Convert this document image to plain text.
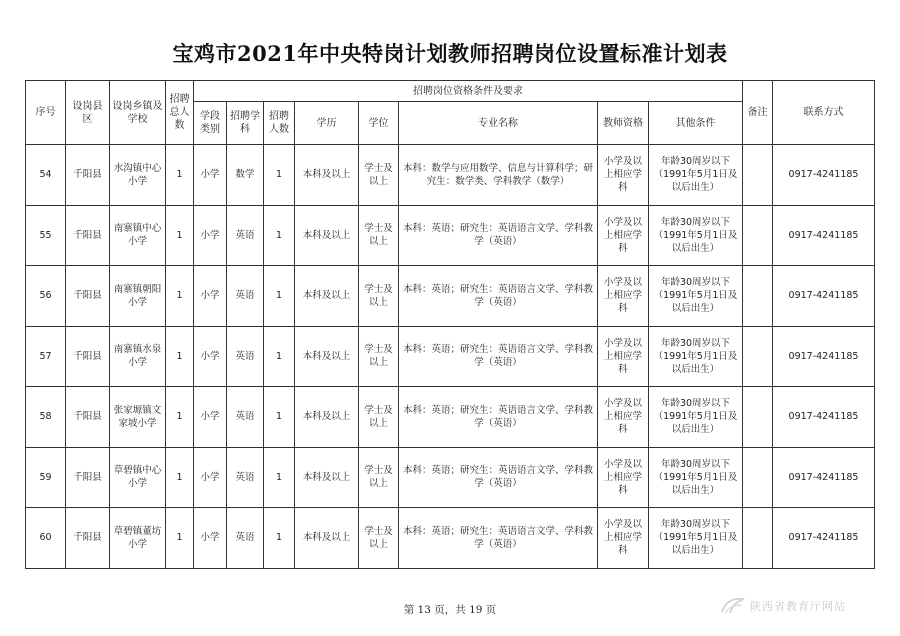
宝鸡市2021年中央特岗计划教师招聘岗位设置标准计划表
序号	设岗县区	设岗乡镇及学校	招聘总人数	招聘岗位资格条件及要求								备注	联系方式
				学段类别	招聘学科	招聘人数	学历	学位	专业名称	教师资格	其他条件		
54	千阳县	水沟镇中心小学	1	小学	数学	1	本科及以上	学士及以上	本科：数学与应用数学、信息与计算科学；研究生：数学类、学科教学（数学）	小学及以上相应学科	年龄30周岁以下（1991年5月1日及以后出生）		0917-4241185
55	千阳县	南寨镇中心小学	1	小学	英语	1	本科及以上	学士及以上	本科：英语；研究生：英语语言文学、学科教学（英语）	小学及以上相应学科	年龄30周岁以下（1991年5月1日及以后出生）		0917-4241185
56	千阳县	南寨镇朝阳小学	1	小学	英语	1	本科及以上	学士及以上	本科：英语；研究生：英语语言文学、学科教学（英语）	小学及以上相应学科	年龄30周岁以下（1991年5月1日及以后出生）		0917-4241185
57	千阳县	南寨镇水泉小学	1	小学	英语	1	本科及以上	学士及以上	本科：英语；研究生：英语语言文学、学科教学（英语）	小学及以上相应学科	年龄30周岁以下（1991年5月1日及以后出生）		0917-4241185
58	千阳县	张家塬镇文家坡小学	1	小学	英语	1	本科及以上	学士及以上	本科：英语；研究生：英语语言文学、学科教学（英语）	小学及以上相应学科	年龄30周岁以下（1991年5月1日及以后出生）		0917-4241185
59	千阳县	草碧镇中心小学	1	小学	英语	1	本科及以上	学士及以上	本科：英语；研究生：英语语言文学、学科教学（英语）	小学及以上相应学科	年龄30周岁以下（1991年5月1日及以后出生）		0917-4241185
60	千阳县	草碧镇董坊小学	1	小学	英语	1	本科及以上	学士及以上	本科：英语；研究生：英语语言文学、学科教学（英语）	小学及以上相应学科	年龄30周岁以下（1991年5月1日及以后出生）		0917-4241185
第 13 页，共 19 页	陕西省教育厅网站
